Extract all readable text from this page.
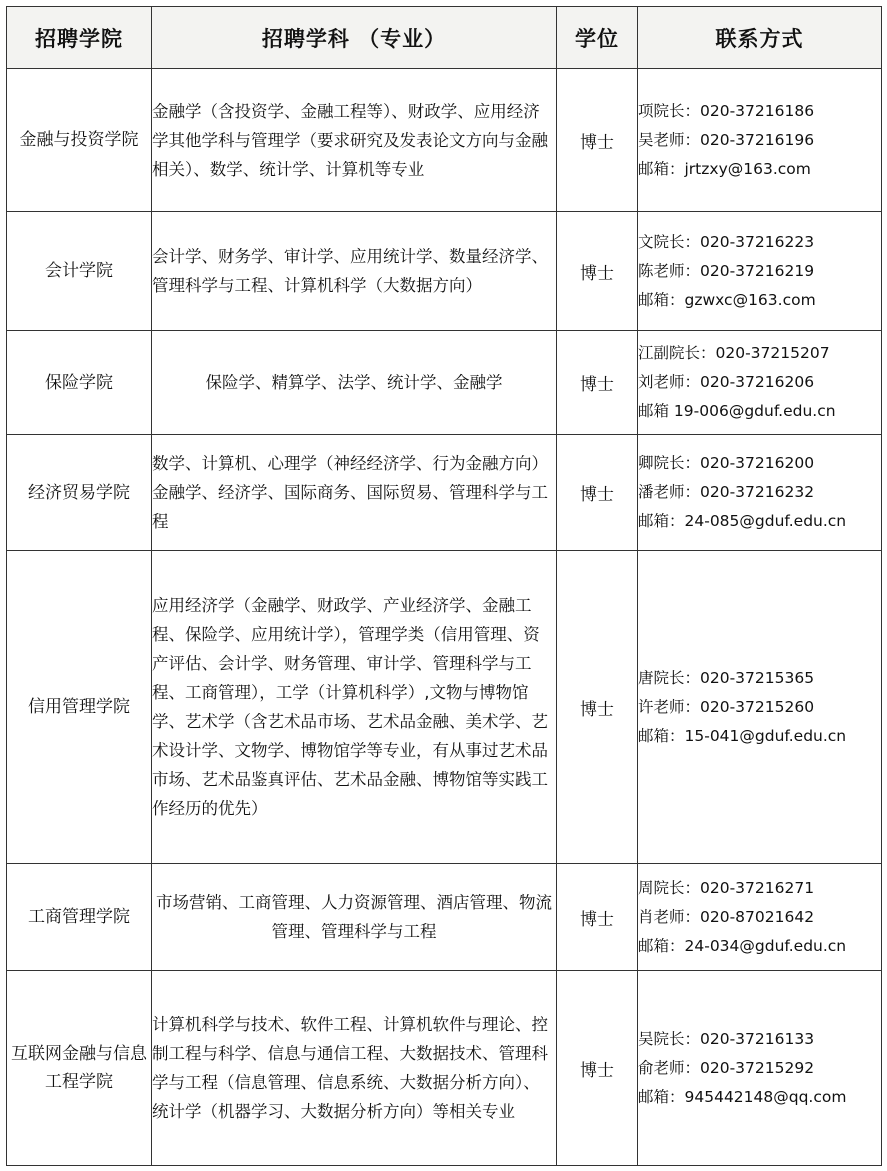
招聘学院	招聘学科 （专业）	学位	联系方式
金融与投资学院	金融学（含投资学、金融工程等）、财政学、应用经济学其他学科与管理学（要求研究及发表论文方向与金融相关）、数学、统计学、计算机等专业	博士	项院长：020-37216186
吴老师：020-37216196
邮箱：jrtzxy@163.com

会计学院	会计学、财务学、审计学、应用统计学、数量经济学、管理科学与工程、计算机科学（大数据方向）	博士	文院长：020-37216223
陈老师：020-37216219
邮箱：gzwxc@163.com

保险学院	保险学、精算学、法学、统计学、金融学	博士	江副院长：020-37215207
刘老师：020-37216206
邮箱 19-006@gduf.edu.cn

经济贸易学院	数学、计算机、心理学（神经经济学、行为金融方向）金融学、经济学、国际商务、国际贸易、管理科学与工程	博士	卿院长：020-37216200
潘老师：020-37216232
邮箱：24-085@gduf.edu.cn

信用管理学院	应用经济学（金融学、财政学、产业经济学、金融工程、保险学、应用统计学），管理学类（信用管理、资产评估、会计学、财务管理、审计学、管理科学与工程、工商管理），工学（计算机科学）,文物与博物馆学、艺术学（含艺术品市场、艺术品金融、美术学、艺术设计学、文物学、博物馆学等专业，有从事过艺术品市场、艺术品鉴真评估、艺术品金融、博物馆等实践工作经历的优先）	博士	唐院长：020-37215365
许老师：020-37215260
邮箱：15-041@gduf.edu.cn

工商管理学院	市场营销、工商管理、人力资源管理、酒店管理、物流管理、管理科学与工程	博士	周院长：020-37216271
肖老师：020-87021642
邮箱：24-034@gduf.edu.cn

互联网金融与信息工程学院	计算机科学与技术、软件工程、计算机软件与理论、控制工程与科学、信息与通信工程、大数据技术、管理科学与工程（信息管理、信息系统、大数据分析方向）、统计学（机器学习、大数据分析方向）等相关专业	博士	吴院长：020-37216133
俞老师：020-37215292
邮箱：945442148@qq.com
